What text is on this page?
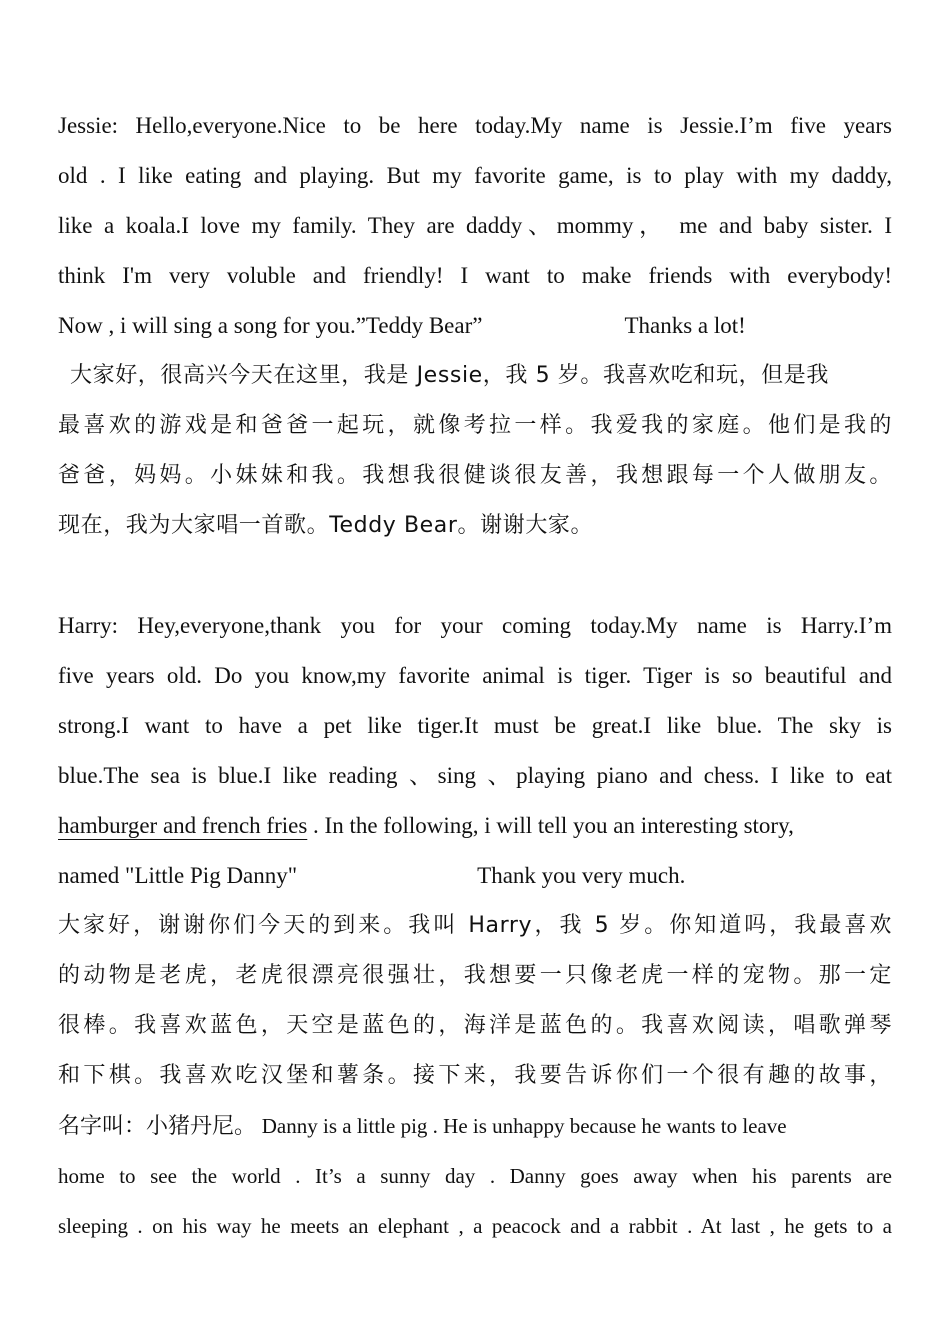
Jessie: Hello,everyone.Nice to be here today.My name is Jessie.I’m five years
old . I like eating and playing. But my favorite game, is to play with my daddy,
like a koala.I love my family. They are daddy、mommy， me and baby sister. I
think I'm very voluble and friendly! I want to make friends with everybody!
Now , i will sing a song for you.”Teddy Bear”	Thanks a lot!
大家好，很高兴今天在这里，我是 Jessie，我 5 岁。我喜欢吃和玩，但是我
最喜欢的游戏是和爸爸一起玩，就像考拉一样。我爱我的家庭。他们是我的
爸爸，妈妈。小妹妹和我。我想我很健谈很友善，我想跟每一个人做朋友。
现在，我为大家唱一首歌。Teddy Bear。谢谢大家。
Harry: Hey,everyone,thank you for your coming today.My name is Harry.I’m
five years old. Do you know,my favorite animal is tiger. Tiger is so beautiful and
strong.I want to have a pet like tiger.It must be great.I like blue. The sky is
blue.The sea is blue.I like reading 、sing 、playing piano and chess. I like to eat
hamburger and french fries . In the following, i will tell you an interesting story,
named "Little Pig Danny"	Thank you very much.
大家好，谢谢你们今天的到来。我叫 Harry，我 5 岁。你知道吗，我最喜欢
的动物是老虎，老虎很漂亮很强壮，我想要一只像老虎一样的宠物。那一定
很棒。我喜欢蓝色，天空是蓝色的，海洋是蓝色的。我喜欢阅读，唱歌弹琴
和下棋。我喜欢吃汉堡和薯条。接下来，我要告诉你们一个很有趣的故事，
名字叫：小猪丹尼。 Danny is a little pig . He is unhappy because he wants to leave
home to see the world . It’s a sunny day . Danny goes away when his parents are
sleeping . on his way he meets an elephant , a peacock and a rabbit . At last , he gets to a
